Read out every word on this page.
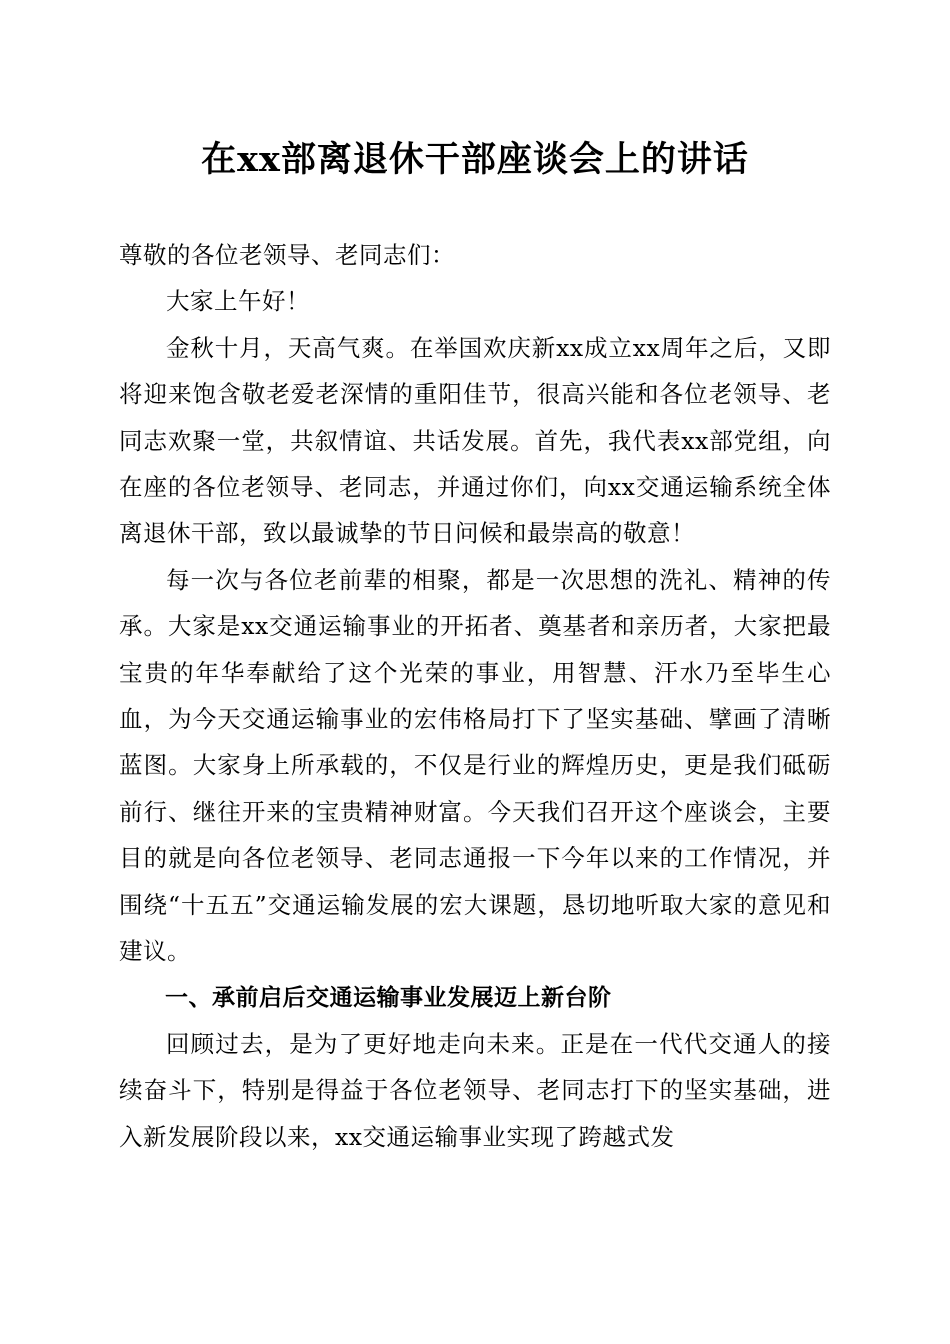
在xx部离退休干部座谈会上的讲话

尊敬的各位老领导、老同志们：

大家上午好！

金秋十月，天高气爽。在举国欢庆新xx成立xx周年之后，又即将迎来饱含敬老爱老深情的重阳佳节，很高兴能和各位老领导、老同志欢聚一堂，共叙情谊、共话发展。首先，我代表xx部党组，向在座的各位老领导、老同志，并通过你们，向xx交通运输系统全体离退休干部，致以最诚挚的节日问候和最崇高的敬意！

每一次与各位老前辈的相聚，都是一次思想的洗礼、精神的传承。大家是xx交通运输事业的开拓者、奠基者和亲历者，大家把最宝贵的年华奉献给了这个光荣的事业，用智慧、汗水乃至毕生心血，为今天交通运输事业的宏伟格局打下了坚实基础、擘画了清晰蓝图。大家身上所承载的，不仅是行业的辉煌历史，更是我们砥砺前行、继往开来的宝贵精神财富。今天我们召开这个座谈会，主要目的就是向各位老领导、老同志通报一下今年以来的工作情况，并围绕“十五五”交通运输发展的宏大课题，恳切地听取大家的意见和建议。

一、承前启后交通运输事业发展迈上新台阶

回顾过去，是为了更好地走向未来。正是在一代代交通人的接续奋斗下，特别是得益于各位老领导、老同志打下的坚实基础，进入新发展阶段以来，xx交通运输事业实现了跨越式发
